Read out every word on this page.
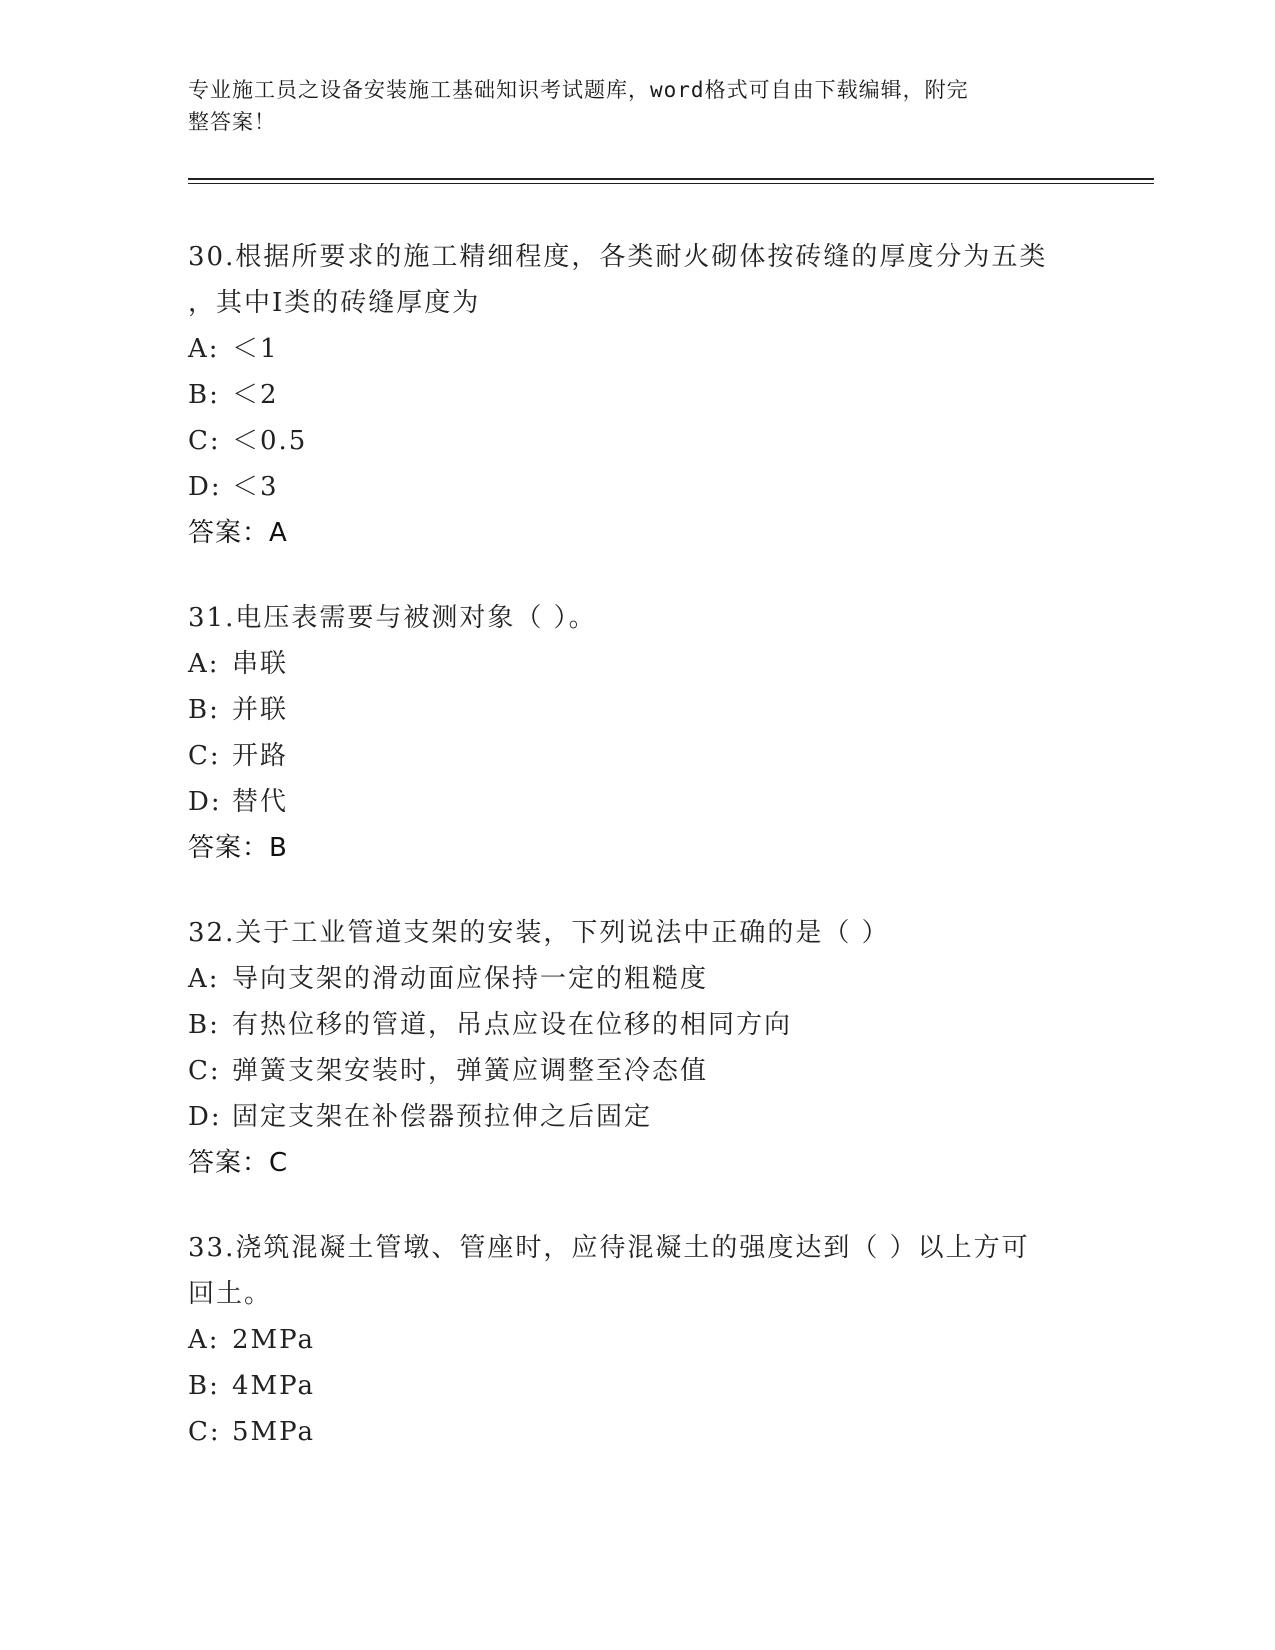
专业施工员之设备安装施工基础知识考试题库，word格式可自由下载编辑，附完
整答案！
30.根据所要求的施工精细程度，各类耐火砌体按砖缝的厚度分为五类
，其中Ⅰ类的砖缝厚度为
A: ＜1
B: ＜2
C: ＜0.5
D: ＜3
答案：A
31.电压表需要与被测对象（ ）。
A: 串联
B: 并联
C: 开路
D: 替代
答案：B
32.关于工业管道支架的安装，下列说法中正确的是（ ）
A: 导向支架的滑动面应保持一定的粗糙度
B: 有热位移的管道，吊点应设在位移的相同方向
C: 弹簧支架安装时，弹簧应调整至冷态值
D: 固定支架在补偿器预拉伸之后固定
答案：C
33.浇筑混凝土管墩、管座时，应待混凝土的强度达到（ ）以上方可
回土。
A: 2MPa
B: 4MPa
C: 5MPa
